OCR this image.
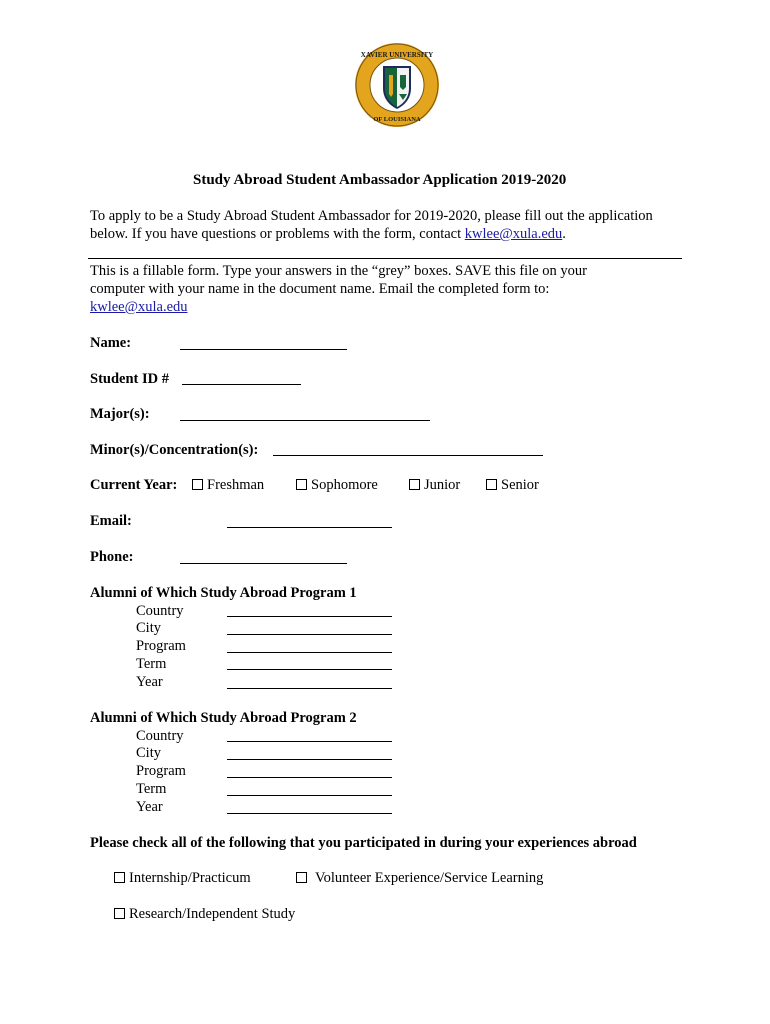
XAVIER UNIVERSITY
OF LOUISIANA
Study Abroad Student Ambassador Application 2019-2020
To apply to be a Study Abroad Student Ambassador for 2019-2020, please fill out the application
below. If you have questions or problems with the form, contact kwlee@xula.edu.
This is a fillable form. Type your answers in the “grey” boxes. SAVE this file on your
computer with your name in the document name. Email the completed form to:
kwlee@xula.edu
Name:
Student ID #
Major(s):
Minor(s)/Concentration(s):
Current Year:	Freshman	Sophomore	Junior	Senior
Email:
Phone:
Alumni of Which Study Abroad Program 1
Country
City
Program
Term
Year
Alumni of Which Study Abroad Program 2
Country
City
Program
Term
Year
Please check all of the following that you participated in during your experiences abroad
Internship/Practicum	Volunteer Experience/Service Learning
Research/Independent Study
